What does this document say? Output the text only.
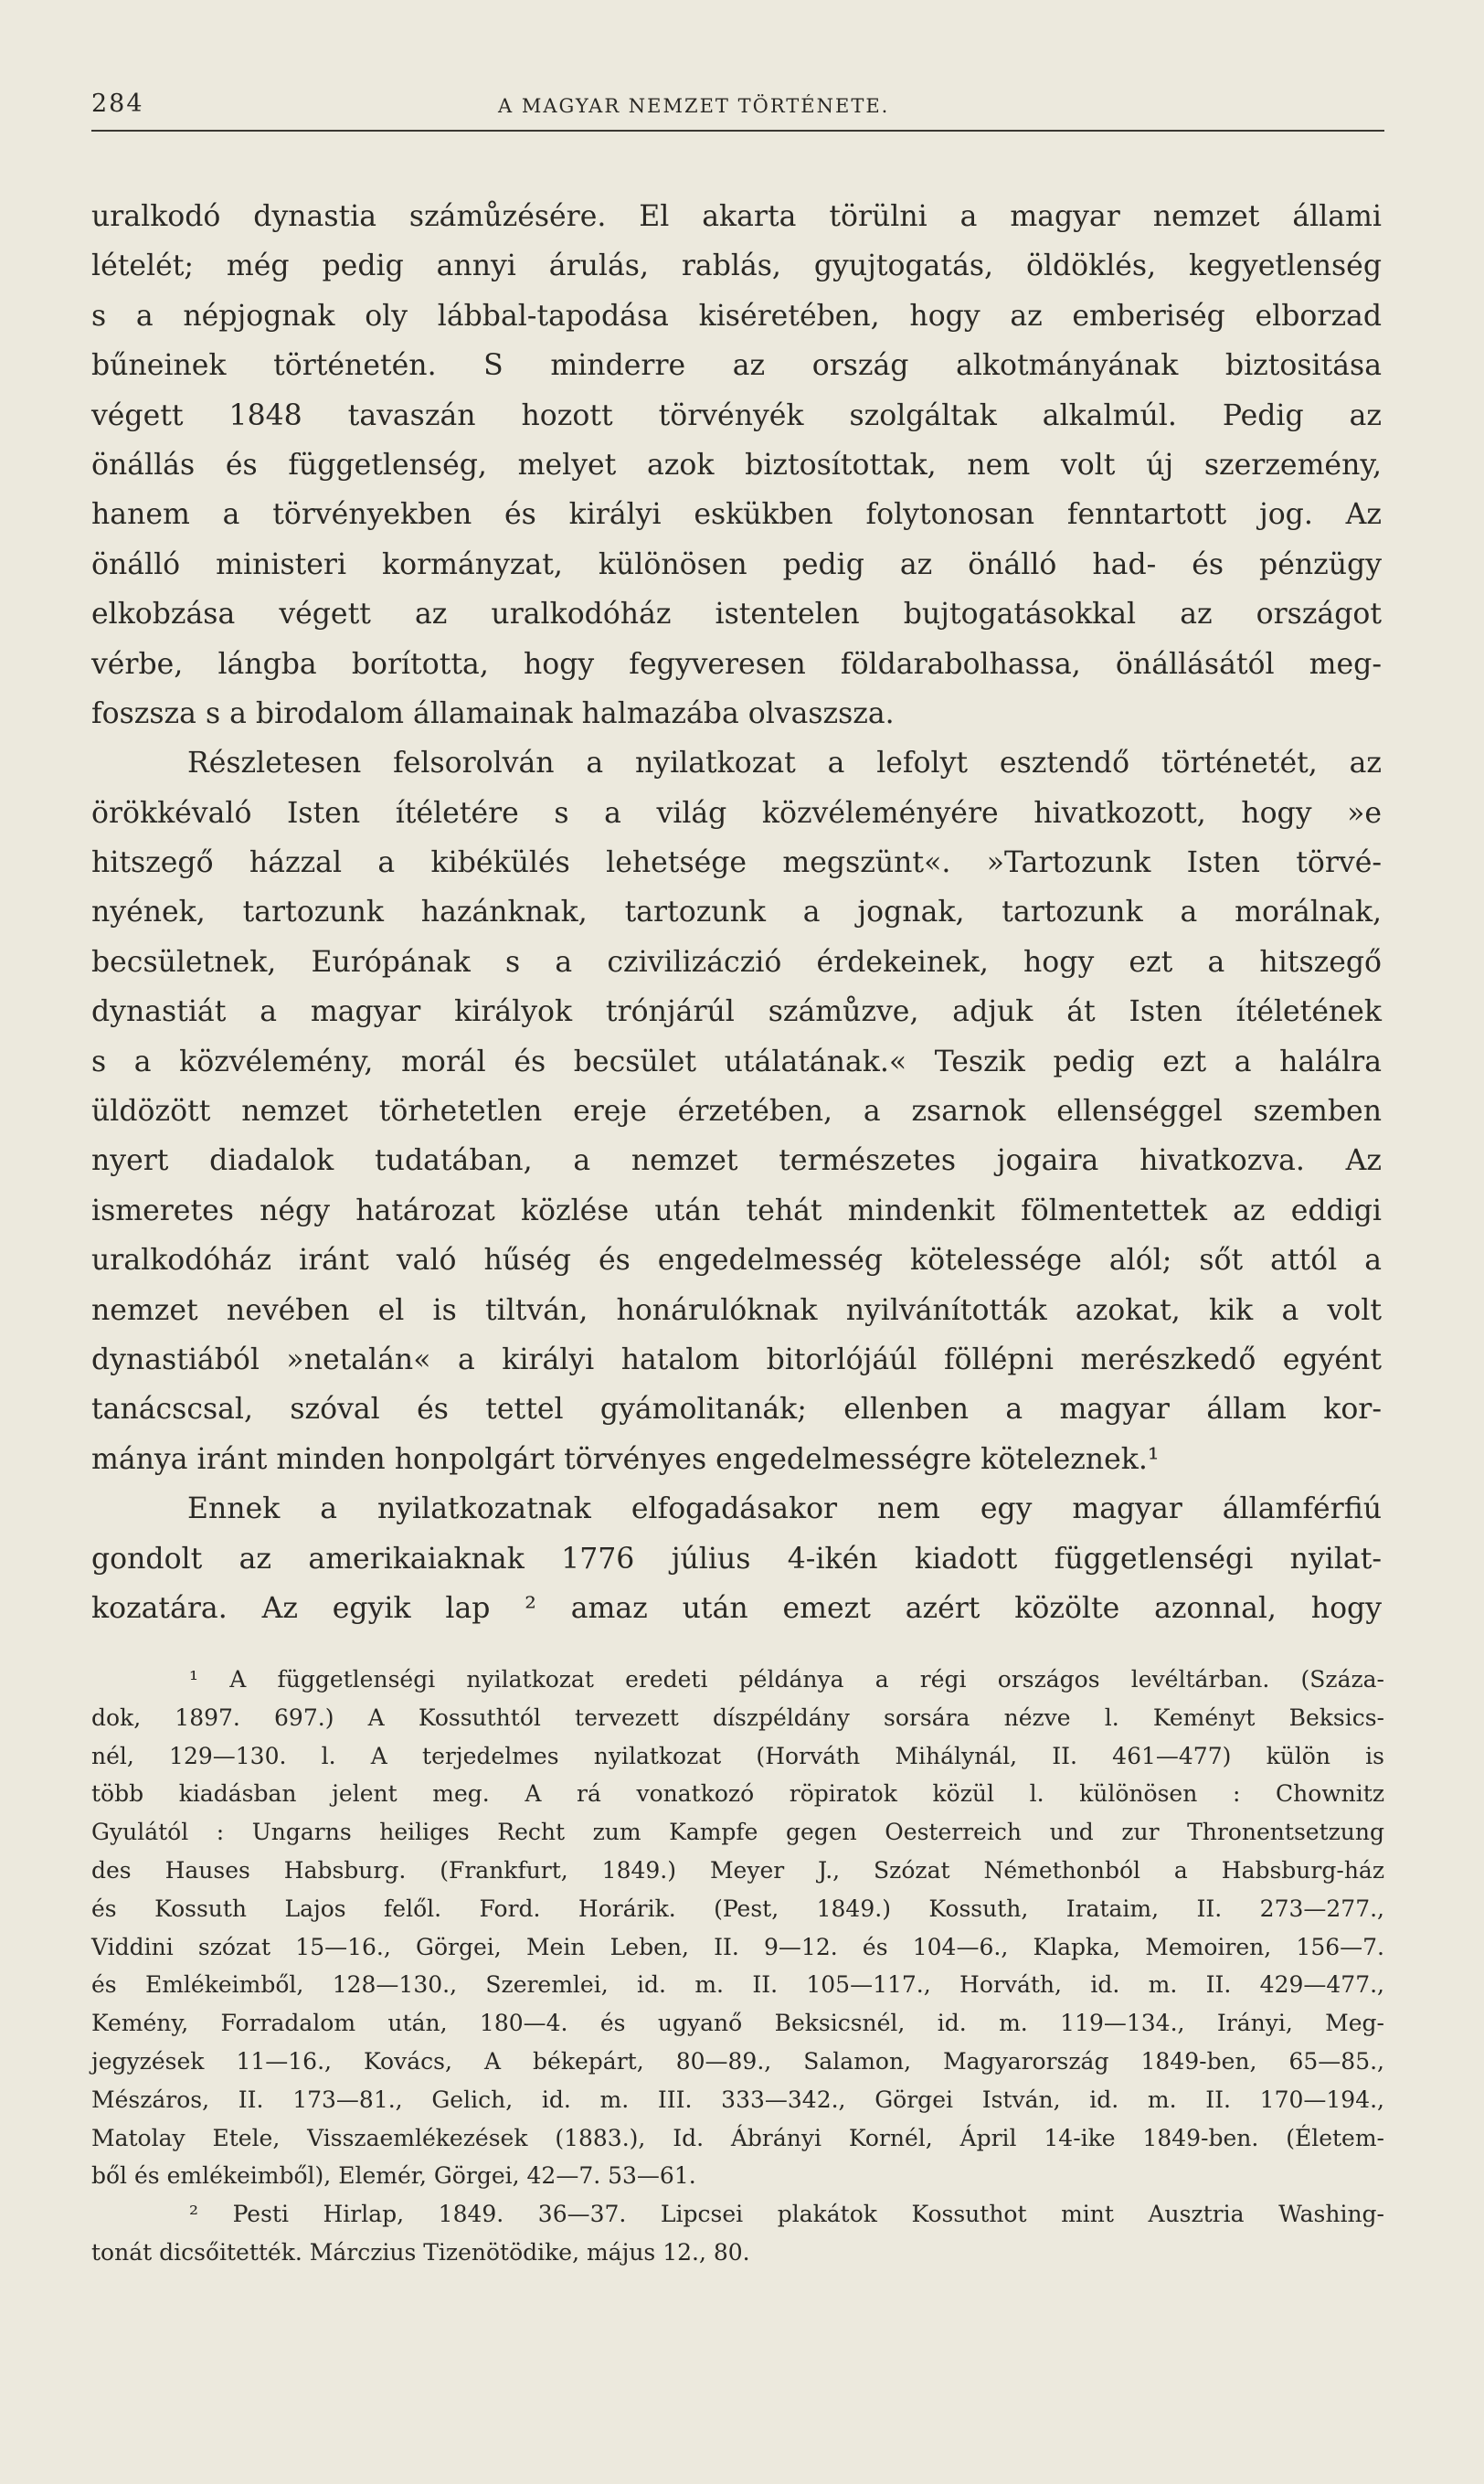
284	A MAGYAR NEMZET TÖRTÉNETE.
uralkodó dynastia számůzésére. El akarta törülni a magyar nemzet állami
lételét; még pedig annyi árulás, rablás, gyujtogatás, öldöklés, kegyetlenség
s a népjognak oly lábbal-tapodása kiséretében, hogy az emberiség elborzad
bűneinek történetén. S minderre az ország alkotmányának biztositása
végett 1848 tavaszán hozott törvényék szolgáltak alkalmúl. Pedig az
önállás és függetlenség, melyet azok biztosítottak, nem volt új szerzemény,
hanem a törvényekben és királyi eskükben folytonosan fenntartott jog. Az
önálló ministeri kormányzat, különösen pedig az önálló had- és pénzügy
elkobzása végett az uralkodóház istentelen bujtogatásokkal az országot
vérbe, lángba borította, hogy fegyveresen földarabolhassa, önállásától meg-
foszsza s a birodalom államainak halmazába olvaszsza.
Részletesen felsorolván a nyilatkozat a lefolyt esztendő történetét, az
örökkévaló Isten ítéletére s a világ közvéleményére hivatkozott, hogy »e
hitszegő házzal a kibékülés lehetsége megszünt«. »Tartozunk Isten törvé-
nyének, tartozunk hazánknak, tartozunk a jognak, tartozunk a morálnak,
becsületnek, Európának s a czivilizáczió érdekeinek, hogy ezt a hitszegő
dynastiát a magyar királyok trónjárúl számůzve, adjuk át Isten ítéletének
s a közvélemény, morál és becsület utálatának.« Teszik pedig ezt a halálra
üldözött nemzet törhetetlen ereje érzetében, a zsarnok ellenséggel szemben
nyert diadalok tudatában, a nemzet természetes jogaira hivatkozva. Az
ismeretes négy határozat közlése után tehát mindenkit fölmentettek az eddigi
uralkodóház iránt való hűség és engedelmesség kötelessége alól; sőt attól a
nemzet nevében el is tiltván, honárulóknak nyilvánították azokat, kik a volt
dynastiából »netalán« a királyi hatalom bitorlójáúl föllépni merészkedő egyént
tanácscsal, szóval és tettel gyámolitanák; ellenben a magyar állam kor-
mánya iránt minden honpolgárt törvényes engedelmességre köteleznek.¹
Ennek a nyilatkozatnak elfogadásakor nem egy magyar államférfiú
gondolt az amerikaiaknak 1776 július 4-ikén kiadott függetlenségi nyilat-
kozatára. Az egyik lap ² amaz után emezt azért közölte azonnal, hogy
¹ A függetlenségi nyilatkozat eredeti példánya a régi országos levéltárban. (Száza-
dok, 1897. 697.) A Kossuthtól tervezett díszpéldány sorsára nézve l. Keményt Beksics-
nél, 129—130. l. A terjedelmes nyilatkozat (Horváth Mihálynál, II. 461—477) külön is
több kiadásban jelent meg. A rá vonatkozó röpiratok közül l. különösen : Chownitz
Gyulától : Ungarns heiliges Recht zum Kampfe gegen Oesterreich und zur Thronentsetzung
des Hauses Habsburg. (Frankfurt, 1849.) Meyer J., Szózat Némethonból a Habsburg-ház
és Kossuth Lajos felől. Ford. Horárik. (Pest, 1849.) Kossuth, Irataim, II. 273—277.,
Viddini szózat 15—16., Görgei, Mein Leben, II. 9—12. és 104—6., Klapka, Memoiren, 156—7.
és Emlékeimből, 128—130., Szeremlei, id. m. II. 105—117., Horváth, id. m. II. 429—477.,
Kemény, Forradalom után, 180—4. és ugyanő Beksicsnél, id. m. 119—134., Irányi, Meg-
jegyzések 11—16., Kovács, A békepárt, 80—89., Salamon, Magyarország 1849-ben, 65—85.,
Mészáros, II. 173—81., Gelich, id. m. III. 333—342., Görgei István, id. m. II. 170—194.,
Matolay Etele, Visszaemlékezések (1883.), Id. Ábrányi Kornél, Ápril 14-ike 1849-ben. (Életem-
ből és emlékeimből), Elemér, Görgei, 42—7. 53—61.
² Pesti Hirlap, 1849. 36—37. Lipcsei plakátok Kossuthot mint Ausztria Washing-
tonát dicsőitették. Márczius Tizenötödike, május 12., 80.
